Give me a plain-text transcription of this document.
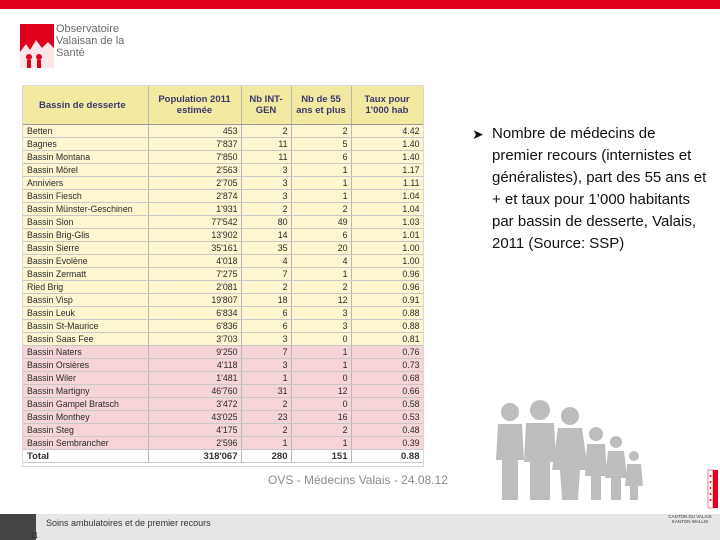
Observatoire
Valaisan de la
Santé
Bassin de desserte	Population 2011 estimée	Nb INT-GEN	Nb de 55 ans et plus	Taux pour 1'000 hab
Betten	453	2	2	4.42
Bagnes	7'837	11	5	1.40
Bassin Montana	7'850	11	6	1.40
Bassin Mörel	2'563	3	1	1.17
Anniviers	2'705	3	1	1.11
Bassin Fiesch	2'874	3	1	1.04
Bassin Münster-Geschinen	1'931	2	2	1.04
Bassin Sion	77'542	80	49	1.03
Bassin Brig-Glis	13'902	14	6	1.01
Bassin Sierre	35'161	35	20	1.00
Bassin Evolène	4'018	4	4	1.00
Bassin Zermatt	7'275	7	1	0.96
Ried Brig	2'081	2	2	0.96
Bassin Visp	19'807	18	12	0.91
Bassin Leuk	6'834	6	3	0.88
Bassin St-Maurice	6'836	6	3	0.88
Bassin Saas Fee	3'703	3	0	0.81
Bassin Naters	9'250	7	1	0.76
Bassin Orsières	4'118	3	1	0.73
Bassin Wiler	1'481	1	0	0.68
Bassin Martigny	46'760	31	12	0.66
Bassin Gampel Bratsch	3'472	2	0	0.58
Bassin Monthey	43'025	23	16	0.53
Bassin Steg	4'175	2	2	0.48
Bassin Sembrancher	2'596	1	1	0.39
Total	318'067	280	151	0.88
➤ Nombre de médecins de premier recours (internistes et généralistes), part des 55 ans et + et taux pour 1’000 habitants par bassin de desserte, Valais, 2011 (Source: SSP)
OVS - Médecins Valais - 24.08.12
Soins ambulatoires et de premier recours
11
CANTON DU VALAIS
KANTON WALLIS
